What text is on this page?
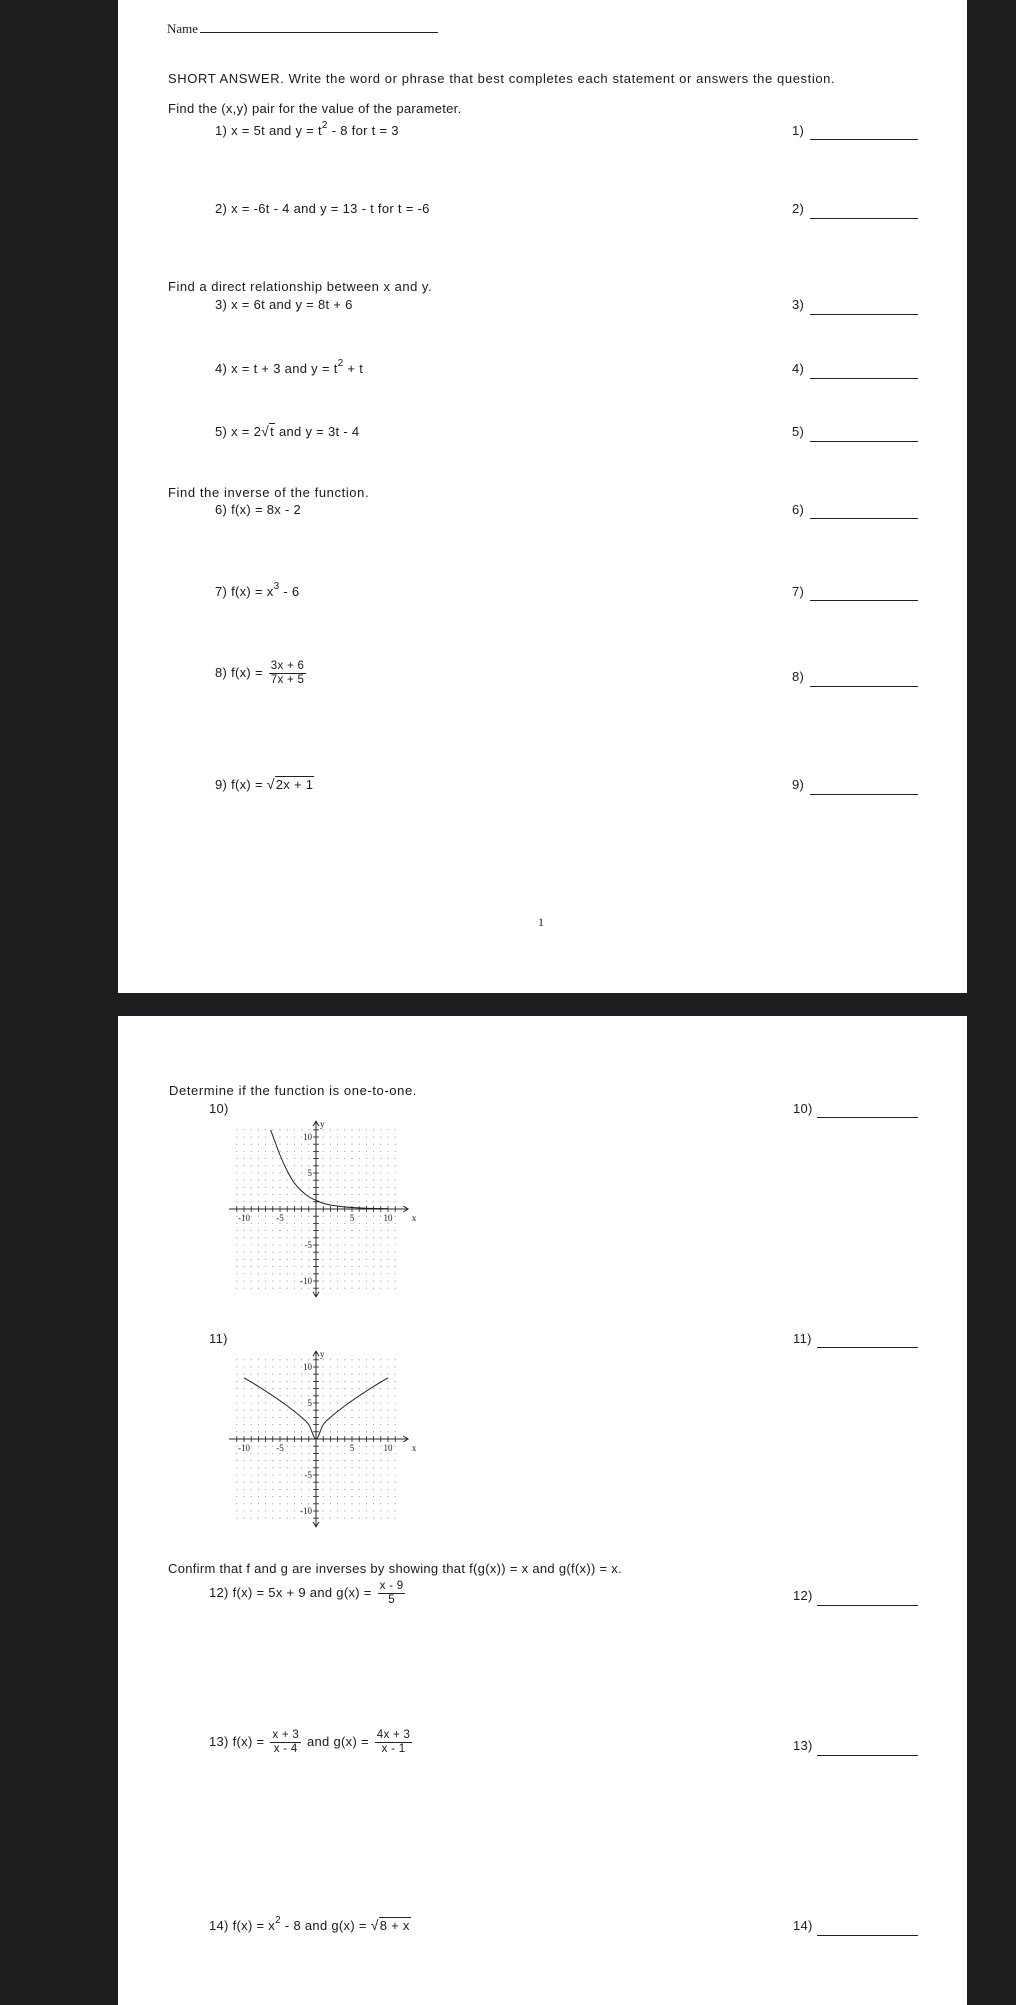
Name
SHORT ANSWER. Write the word or phrase that best completes each statement or answers the question.
Find the (x,y) pair for the value of the parameter.
1) x = 5t and $y = t^2 - 8$ for t = 3	1)
2) x = -6t - 4 and y = 13 - t for t = -6	2)
Find a direct relationship between x and y.
3) x = 6t and y = 8t + 6	3)
4) x = t + 3 and $y = t^2 + t$	4)
5) x = 2√t and y = 3t - 4	5)
Find the inverse of the function.
6) f(x) = 8x - 2	6)
7) $f(x) = x^3 - 6$	7)
8) $f(x) = \frac{3x + 6}{7x + 5}$	8)
9) f(x) = √2x + 1	9)
1
Determine if the function is one-to-one.
10)	10)
-10	-5	5	10
10
5
-5
-10
x
y
11)	11)
-10	-5	5	10
10
5
-5
-10
x
y
Confirm that f and g are inverses by showing that f(g(x)) = x and g(f(x)) = x.
12) f(x) = 5x + 9 and $g(x) = \frac{x - 9}{5}$	12)
13) $f(x) = \frac{x + 3}{x - 4}$ and $g(x) = \frac{4x + 3}{x - 1}$	13)
14) $f(x) = x^2 - 8$ and g(x) = √8 + x	14)
